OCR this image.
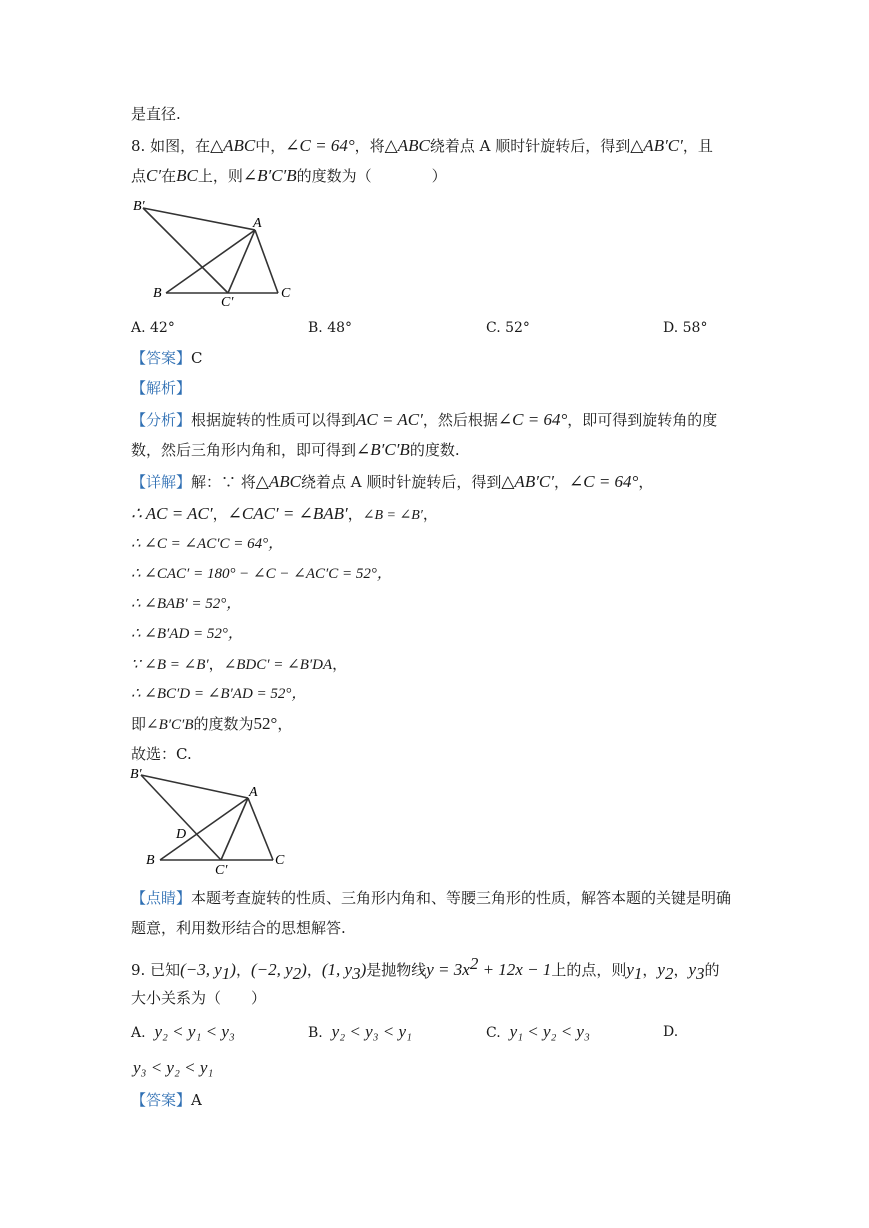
是直径.
8. 如图，在△ABC中，∠C = 64°，将△ABC绕着点 A 顺时针旋转后，得到△AB′C′，且
点C′在BC上，则∠B′C′B的度数为（　　　　）
B′
A
B
C′
C
A. 42°	B. 48°	C. 52°	D. 58°
【答案】C
【解析】
【分析】根据旋转的性质可以得到AC = AC′，然后根据∠C = 64°，即可得到旋转角的度
数，然后三角形内角和，即可得到∠B′C′B的度数.
【详解】解：∵ 将△ABC绕着点 A 顺时针旋转后，得到△AB′C′，∠C = 64°，
∴ AC = AC′，∠CAC′ = ∠BAB′，∠B = ∠B′，
∴ ∠C = ∠AC′C = 64°，
∴ ∠CAC′ = 180° − ∠C − ∠AC′C = 52°，
∴ ∠BAB′ = 52°，
∴ ∠B′AD = 52°，
∵ ∠B = ∠B′，∠BDC′ = ∠B′DA，
∴ ∠BC′D = ∠B′AD = 52°，
即∠B′C′B的度数为52°，
故选：C.
B′
A
D
B
C′
C
【点睛】本题考查旋转的性质、三角形内角和、等腰三角形的性质，解答本题的关键是明确
题意，利用数形结合的思想解答.
9. 已知(−3, $y_1$)，(−2, $y_2$)，(1, $y_3$)是抛物线$y = 3x^2 + 12x - 1$上的点，则$y_1$，$y_2$，$y_3$的
大小关系为（　　）
A. y₂ < y₁ < y₃	B. y₂ < y₃ < y₁	C. y₁ < y₂ < y₃	D.
y₃ < y₂ < y₁
【答案】A
